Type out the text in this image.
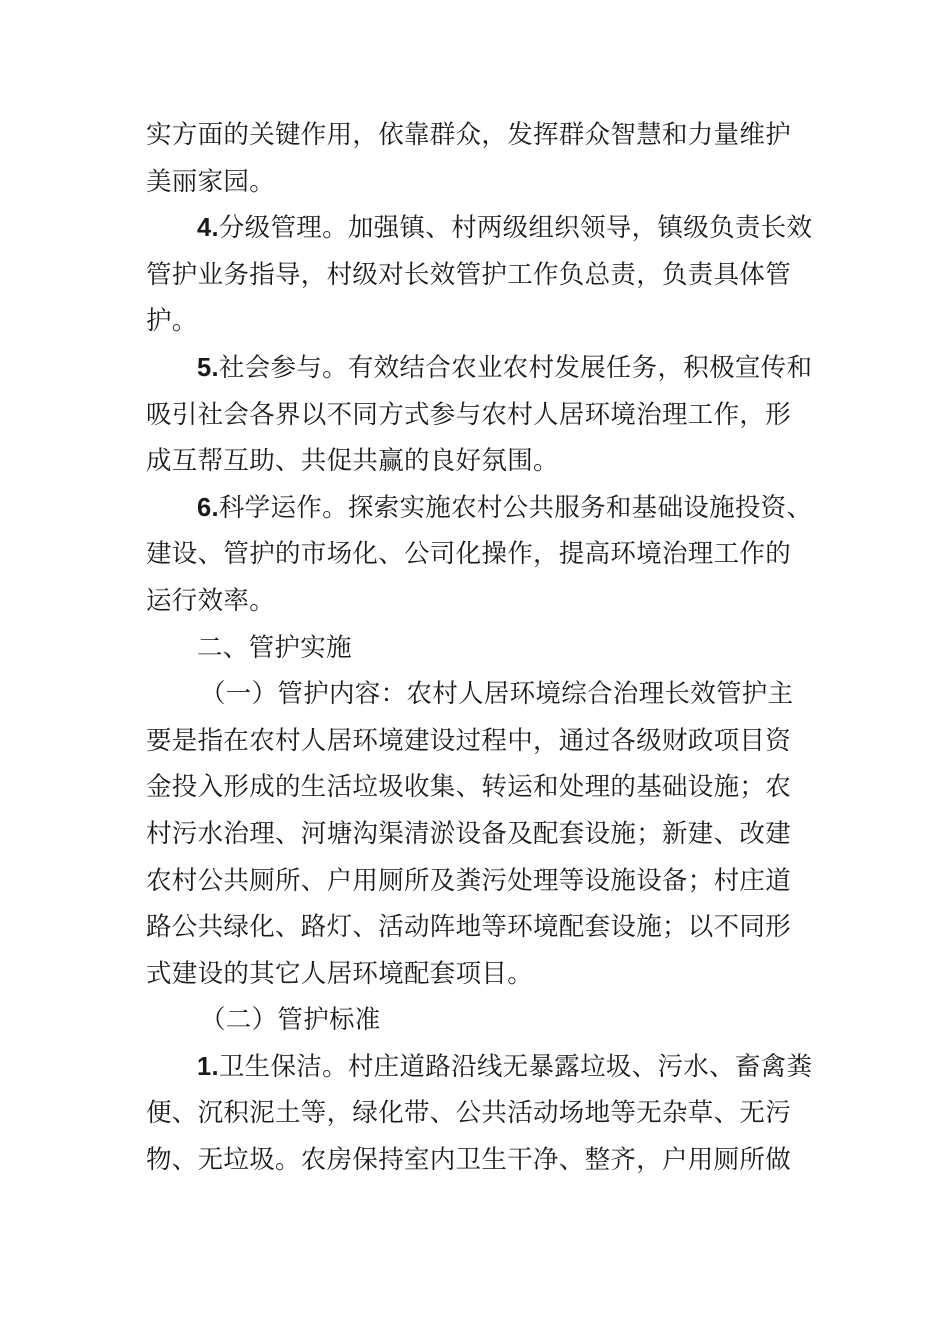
实方面的关键作用，依靠群众，发挥群众智慧和力量维护
美丽家园。
4.分级管理。加强镇、村两级组织领导，镇级负责长效
管护业务指导，村级对长效管护工作负总责，负责具体管
护。
5.社会参与。有效结合农业农村发展任务，积极宣传和
吸引社会各界以不同方式参与农村人居环境治理工作，形
成互帮互助、共促共赢的良好氛围。
6.科学运作。探索实施农村公共服务和基础设施投资、
建设、管护的市场化、公司化操作，提高环境治理工作的
运行效率。
二、管护实施
（一）管护内容：农村人居环境综合治理长效管护主
要是指在农村人居环境建设过程中，通过各级财政项目资
金投入形成的生活垃圾收集、转运和处理的基础设施；农
村污水治理、河塘沟渠清淤设备及配套设施；新建、改建
农村公共厕所、户用厕所及粪污处理等设施设备；村庄道
路公共绿化、路灯、活动阵地等环境配套设施；以不同形
式建设的其它人居环境配套项目。
（二）管护标准
1.卫生保洁。村庄道路沿线无暴露垃圾、污水、畜禽粪
便、沉积泥土等，绿化带、公共活动场地等无杂草、无污
物、无垃圾。农房保持室内卫生干净、整齐，户用厕所做
